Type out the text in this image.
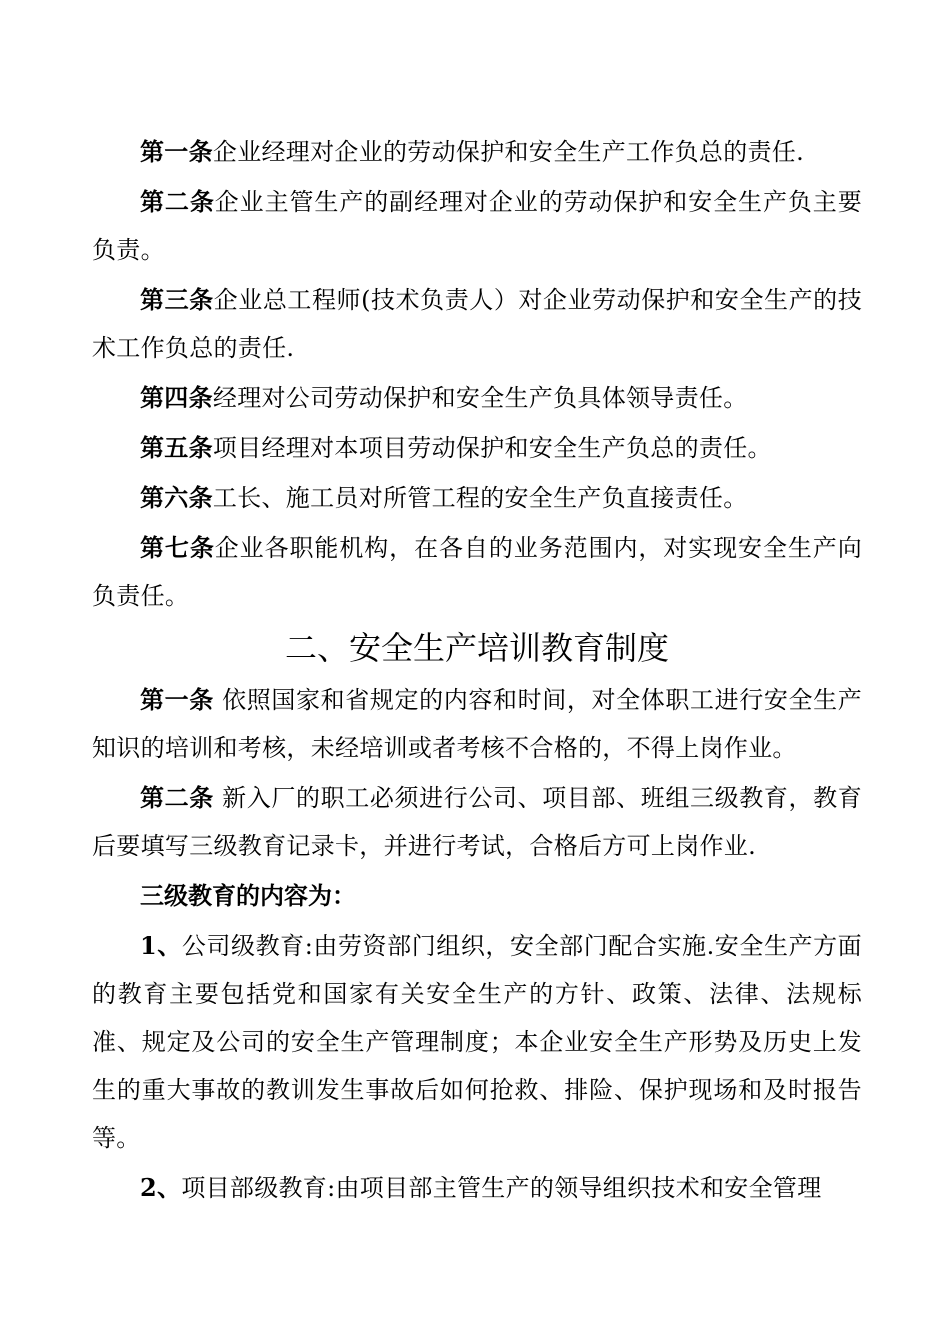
第一条企业经理对企业的劳动保护和安全生产工作负总的责任.

第二条企业主管生产的副经理对企业的劳动保护和安全生产负主要负责。

第三条企业总工程师(技术负责人）对企业劳动保护和安全生产的技术工作负总的责任.

第四条经理对公司劳动保护和安全生产负具体领导责任。

第五条项目经理对本项目劳动保护和安全生产负总的责任。

第六条工长、施工员对所管工程的安全生产负直接责任。

第七条企业各职能机构，在各自的业务范围内，对实现安全生产向负责任。

二、安全生产培训教育制度

第一条 依照国家和省规定的内容和时间，对全体职工进行安全生产知识的培训和考核，未经培训或者考核不合格的，不得上岗作业。

第二条 新入厂的职工必须进行公司、项目部、班组三级教育，教育后要填写三级教育记录卡，并进行考试，合格后方可上岗作业.

三级教育的内容为：

1、公司级教育:由劳资部门组织，安全部门配合实施.安全生产方面的教育主要包括党和国家有关安全生产的方针、政策、法律、法规标准、规定及公司的安全生产管理制度；本企业安全生产形势及历史上发生的重大事故的教训发生事故后如何抢救、排险、保护现场和及时报告等。

2、项目部级教育:由项目部主管生产的领导组织技术和安全管理
